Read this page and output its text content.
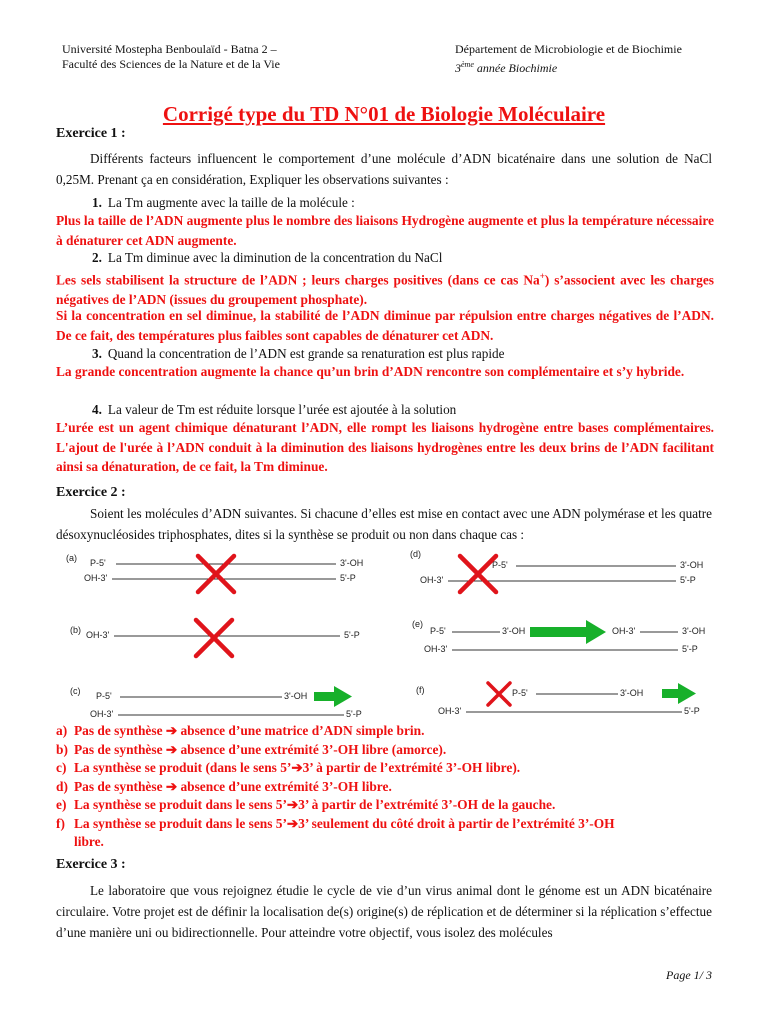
Université Mostepha Benboulaïd - Batna 2 –
Faculté des Sciences de la Nature et de la Vie
Département de Microbiologie et de Biochimie
3ème année Biochimie
Corrigé type du TD N°01 de Biologie Moléculaire
Exercice 1 :
Différents facteurs influencent le comportement d’une molécule d’ADN bicaténaire dans une solution de NaCl 0,25M. Prenant ça en considération, Expliquer les observations suivantes :
1. La Tm augmente avec la taille de la molécule :
Plus la taille de l’ADN augmente plus le nombre des liaisons Hydrogène augmente et plus la température nécessaire à dénaturer cet ADN augmente.
2. La Tm diminue avec la diminution de la concentration du NaCl
Les sels stabilisent la structure de l’ADN ; leurs charges positives (dans ce cas Na+) s’associent avec les charges négatives de l’ADN (issues du groupement phosphate).
Si la concentration en sel diminue, la stabilité de l’ADN diminue par répulsion entre charges négatives de l’ADN. De ce fait, des températures plus faibles sont capables de dénaturer cet ADN.
3. Quand la concentration de l’ADN est grande sa renaturation est plus rapide
La grande concentration augmente la chance qu’un brin d’ADN rencontre son complémentaire et s’y hybride.
4. La valeur de Tm est réduite lorsque l’urée est ajoutée à la solution
L’urée est un agent chimique dénaturant l’ADN, elle rompt les liaisons hydrogène entre bases complémentaires. L'ajout de l'urée à l’ADN conduit à la diminution des liaisons hydrogènes entre les deux brins de l’ADN facilitant ainsi sa dénaturation, de ce fait, la Tm diminue.
Exercice 2 :
Soient les molécules d’ADN suivantes. Si chacune d’elles est mise en contact avec une ADN polymérase et les quatre désoxynucléosides triphosphates, dites si la synthèse se produit ou non dans chaque cas :
(a) P-5'	3'-OH
OH-3'	5'-P
(b) OH-3'	5'-P
(c) P-5'	3'-OH
OH-3'	5'-P
(d)
P-5'	3'-OH
OH-3'	5'-P
(e)
P-5'	3'-OH	OH-3'	3'-OH
OH-3'	5'-P
(f)	P-5'	3'-OH
OH-3'	5'-P
a) Pas de synthèse ➔ absence d’une matrice d’ADN simple brin.
b) Pas de synthèse ➔ absence d’une extrémité 3’-OH libre (amorce).
c) La synthèse se produit (dans le sens 5’➔3’ à partir de l’extrémité 3’-OH libre).
d) Pas de synthèse ➔ absence d’une extrémité 3’-OH libre.
e) La synthèse se produit dans le sens 5’➔3’ à partir de l’extrémité 3’-OH de la gauche.
f) La synthèse se produit dans le sens 5’➔3’ seulement du côté droit à partir de l’extrémité 3’-OH
libre.
Exercice 3 :
Le laboratoire que vous rejoignez étudie le cycle de vie d’un virus animal dont le génome est un ADN bicaténaire circulaire. Votre projet est de définir la localisation de(s) origine(s) de réplication et de déterminer si la réplication s’effectue d’une manière uni ou bidirectionnelle. Pour atteindre votre objectif, vous isolez des molécules
Page 1/ 3
